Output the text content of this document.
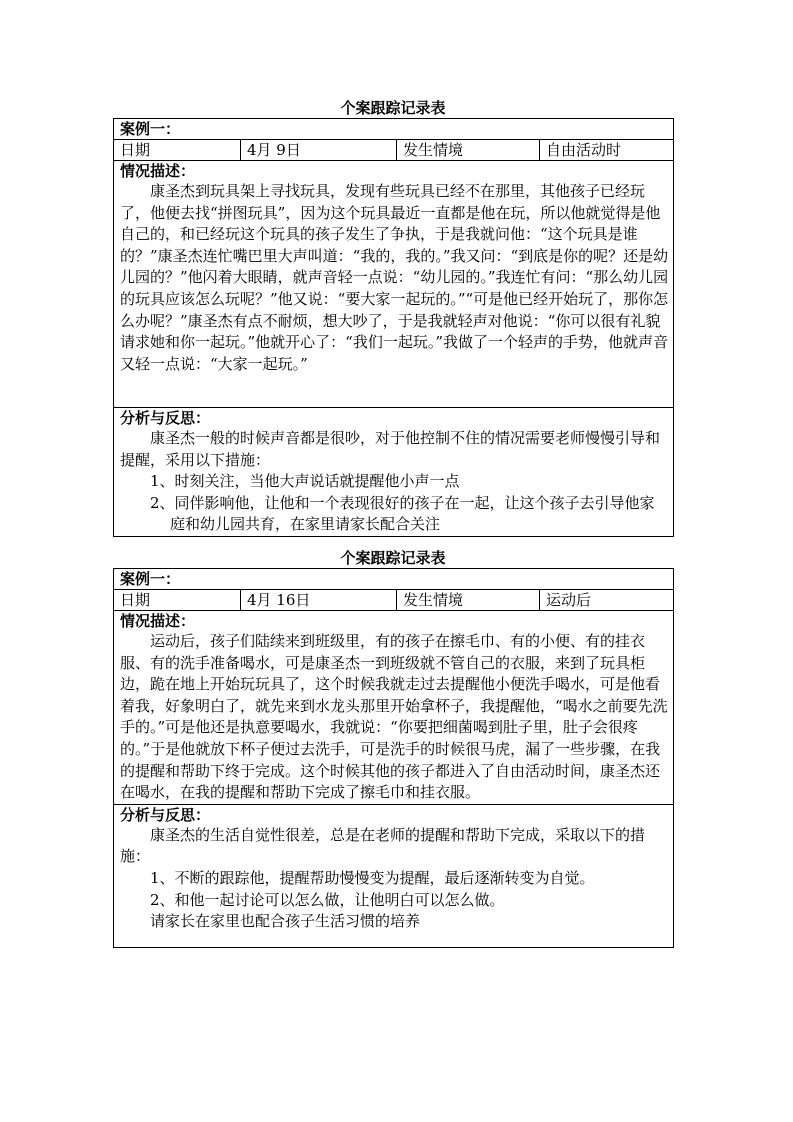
个案跟踪记录表
案例一：
日期	4月 9日	发生情境	自由活动时

情况描述：

康圣杰到玩具架上寻找玩具，发现有些玩具已经不在那里，其他孩子已经玩了，他便去找“拼图玩具”，因为这个玩具最近一直都是他在玩，所以他就觉得是他自己的，和已经玩这个玩具的孩子发生了争执，于是我就问他：“这个玩具是谁的？”康圣杰连忙嘴巴里大声叫道：“我的，我的。”我又问：“到底是你的呢？还是幼儿园的？”他闪着大眼睛，就声音轻一点说：“幼儿园的。”我连忙有问：“那么幼儿园的玩具应该怎么玩呢？”他又说：“要大家一起玩的。”“可是他已经开始玩了，那你怎么办呢？”康圣杰有点不耐烦，想大吵了，于是我就轻声对他说：“你可以很有礼貌请求她和你一起玩。”他就开心了：“我们一起玩。”我做了一个轻声的手势，他就声音又轻一点说：“大家一起玩。”

分析与反思：

康圣杰一般的时候声音都是很吵，对于他控制不住的情况需要老师慢慢引导和提醒，采用以下措施：

1、时刻关注，当他大声说话就提醒他小声一点
2、同伴影响他，让他和一个表现很好的孩子在一起，让这个孩子去引导他家庭和幼儿园共育，在家里请家长配合关注
个案跟踪记录表
案例一：
日期	4月 16日	发生情境	运动后

情况描述：

运动后，孩子们陆续来到班级里，有的孩子在擦毛巾、有的小便、有的挂衣服、有的洗手准备喝水，可是康圣杰一到班级就不管自己的衣服，来到了玩具柜边，跪在地上开始玩玩具了，这个时候我就走过去提醒他小便洗手喝水，可是他看着我，好象明白了，就先来到水龙头那里开始拿杯子，我提醒他，“喝水之前要先洗手的。”可是他还是执意要喝水，我就说：“你要把细菌喝到肚子里，肚子会很疼的。”于是他就放下杯子便过去洗手，可是洗手的时候很马虎，漏了一些步骤，在我的提醒和帮助下终于完成。这个时候其他的孩子都进入了自由活动时间，康圣杰还在喝水，在我的提醒和帮助下完成了擦毛巾和挂衣服。

分析与反思：

康圣杰的生活自觉性很差，总是在老师的提醒和帮助下完成，采取以下的措施：

1、不断的跟踪他，提醒帮助慢慢变为提醒，最后逐渐转变为自觉。
2、和他一起讨论可以怎么做，让他明白可以怎么做。

请家长在家里也配合孩子生活习惯的培养
